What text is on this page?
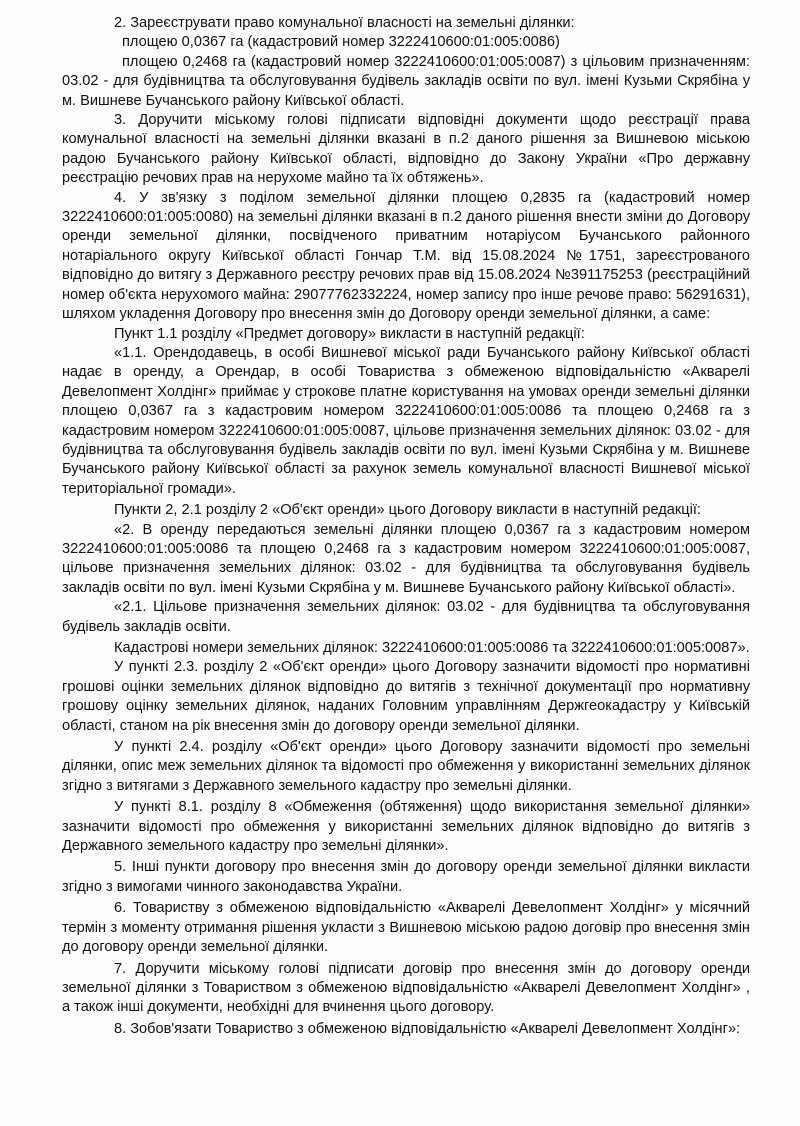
2. Зареєструвати право комунальної власності на земельні ділянки:

площею 0,0367 га (кадастровий номер 3222410600:01:005:0086)

площею 0,2468 га (кадастровий номер 3222410600:01:005:0087) з цільовим призначенням: 03.02 - для будівництва та обслуговування будівель закладів освіти по вул. імені Кузьми Скрябіна у м. Вишневе Бучанського району Київської області.

3. Доручити міському голові підписати відповідні документи щодо реєстрації права комунальної власності на земельні ділянки вказані в п.2 даного рішення за Вишневою міською радою Бучанського району Київської області, відповідно до Закону України «Про державну реєстрацію речових прав на нерухоме майно та їх обтяжень».

4. У зв'язку з поділом земельної ділянки площею 0,2835 га (кадастровий номер 3222410600:01:005:0080) на земельні ділянки вказані в п.2 даного рішення внести зміни до Договору оренди земельної ділянки, посвідченого приватним нотаріусом Бучанського районного нотаріального округу Київської області Гончар Т.М. від 15.08.2024 №1751, зареєстрованого відповідно до витягу з Державного реєстру речових прав від 15.08.2024 №391175253 (реєстраційний номер об'єкта нерухомого майна: 29077762332224, номер запису про інше речове право: 56291631), шляхом укладення Договору про внесення змін до Договору оренди земельної ділянки, а саме:

Пункт 1.1 розділу «Предмет договору» викласти в наступній редакції:

«1.1. Орендодавець, в особі Вишневої міської ради Бучанського району Київської області надає в оренду, а Орендар, в особі Товариства з обмеженою відповідальністю «Акварелі Девелопмент Холдінг» приймає у строкове платне користування на умовах оренди земельні ділянки площею 0,0367 га з кадастровим номером 3222410600:01:005:0086 та площею 0,2468 га з кадастровим номером 3222410600:01:005:0087, цільове призначення земельних ділянок: 03.02 - для будівництва та обслуговування будівель закладів освіти по вул. імені Кузьми Скрябіна у м. Вишневе Бучанського району Київської області за рахунок земель комунальної власності Вишневої міської територіальної громади».

Пункти 2, 2.1 розділу 2 «Об'єкт оренди» цього Договору викласти в наступній редакції:

«2. В оренду передаються земельні ділянки площею 0,0367 га з кадастровим номером 3222410600:01:005:0086 та площею 0,2468 га з кадастровим номером 3222410600:01:005:0087, цільове призначення земельних ділянок: 03.02 - для будівництва та обслуговування будівель закладів освіти по вул. імені Кузьми Скрябіна у м. Вишневе Бучанського району Київської області».

«2.1. Цільове призначення земельних ділянок: 03.02 - для будівництва та обслуговування будівель закладів освіти.

Кадастрові номери земельних ділянок: 3222410600:01:005:0086 та 3222410600:01:005:0087».

У пункті 2.3. розділу 2 «Об'єкт оренди» цього Договору зазначити відомості про нормативні грошові оцінки земельних ділянок відповідно до витягів з технічної документації про нормативну грошову оцінку земельних ділянок, наданих Головним управлінням Держгеокадастру у Київській області, станом на рік внесення змін до договору оренди земельної ділянки.

У пункті 2.4. розділу «Об'єкт оренди» цього Договору зазначити відомості про земельні ділянки, опис меж земельних ділянок та відомості про обмеження у використанні земельних ділянок згідно з витягами з Державного земельного кадастру про земельні ділянки.

У пункті 8.1. розділу 8 «Обмеження (обтяження) щодо використання земельної ділянки» зазначити відомості про обмеження у використанні земельних ділянок відповідно до витягів з Державного земельного кадастру про земельні ділянки».

5. Інші пункти договору про внесення змін до договору оренди земельної ділянки викласти згідно з вимогами чинного законодавства України.

6. Товариству з обмеженою відповідальністю «Акварелі Девелопмент Холдінг» у місячний термін з моменту отримання рішення укласти з Вишневою міською радою договір про внесення змін до договору оренди земельної ділянки.

7. Доручити міському голові підписати договір про внесення змін до договору оренди земельної ділянки з Товариством з обмеженою відповідальністю «Акварелі Девелопмент Холдінг» , а також інші документи, необхідні для вчинення цього договору.

8. Зобов'язати Товариство з обмеженою відповідальністю «Акварелі Девелопмент Холдінг»:
